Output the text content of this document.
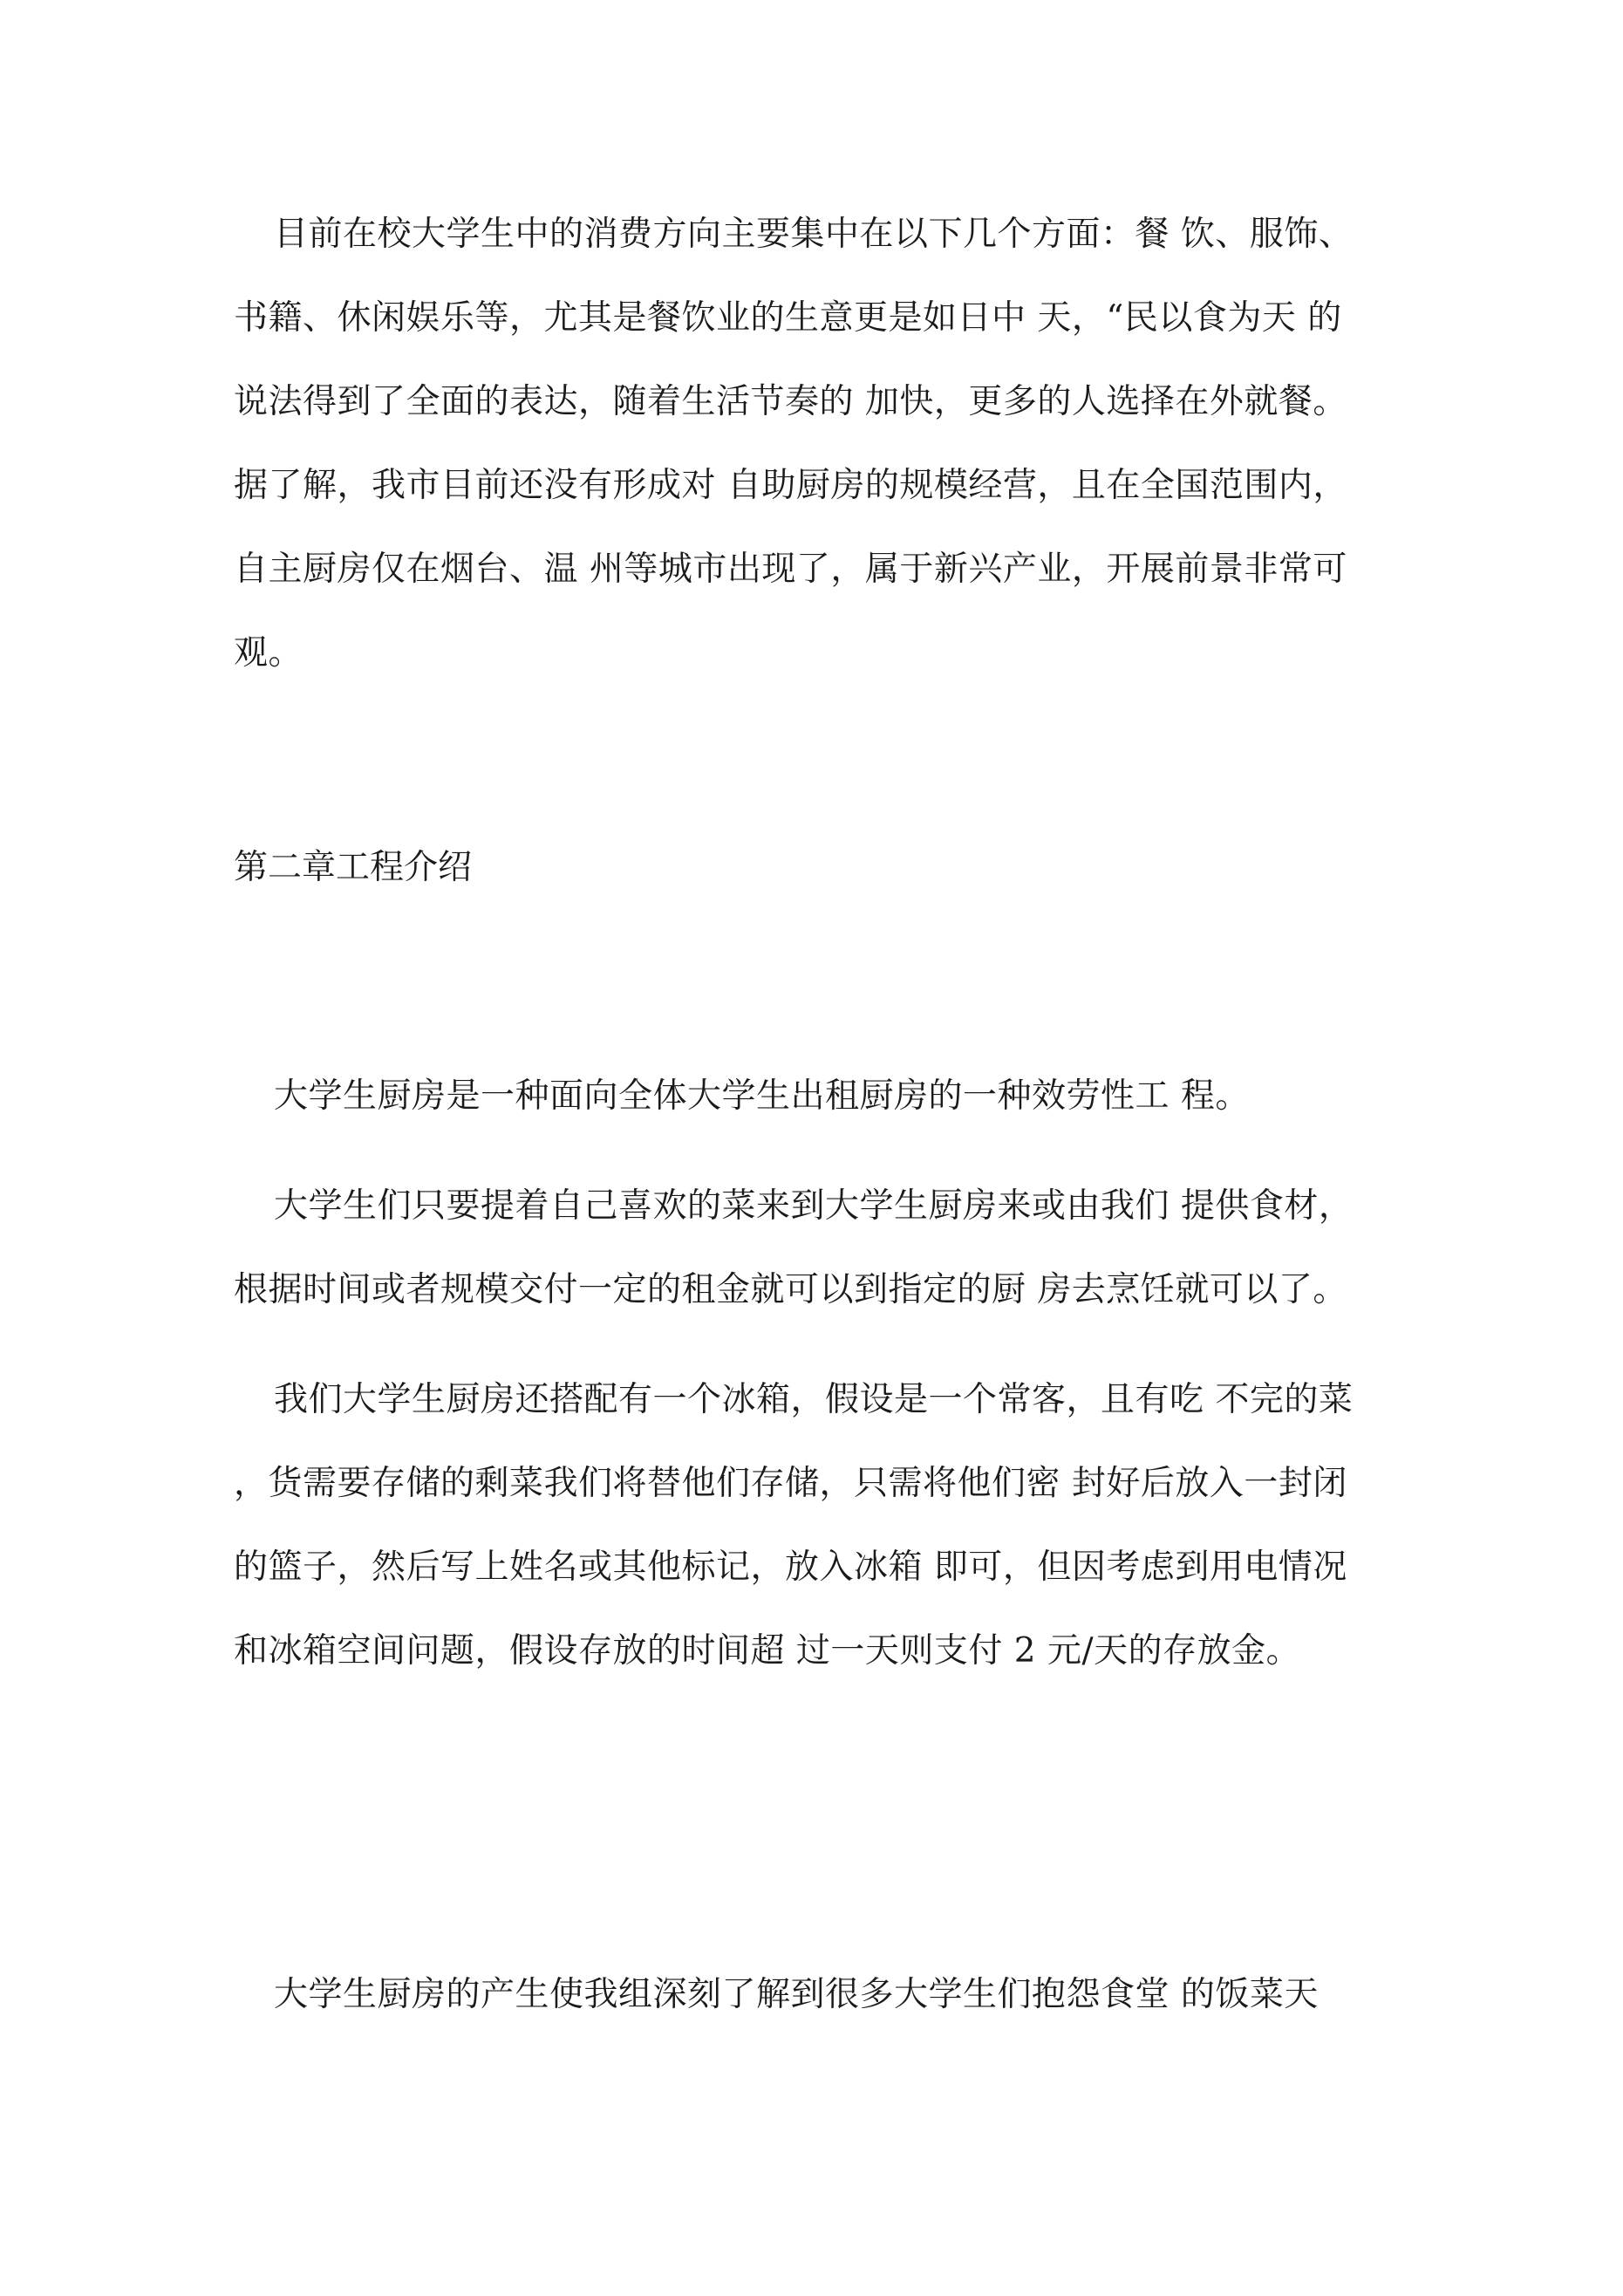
目前在校大学生中的消费方向主要集中在以下几个方面：餐 饮、服饰、
书籍、休闲娱乐等，尤其是餐饮业的生意更是如日中 天，“民以食为天 的
说法得到了全面的表达，随着生活节奏的 加快，更多的人选择在外就餐。
据了解，我市目前还没有形成对 自助厨房的规模经营，且在全国范围内，
自主厨房仅在烟台、温 州等城市出现了，属于新兴产业，开展前景非常可
观。
第二章工程介绍
大学生厨房是一种面向全体大学生出租厨房的一种效劳性工 程。
大学生们只要提着自己喜欢的菜来到大学生厨房来或由我们 提供食材，
根据时间或者规模交付一定的租金就可以到指定的厨 房去烹饪就可以了。
我们大学生厨房还搭配有一个冰箱，假设是一个常客，且有吃 不完的菜
，货需要存储的剩菜我们将替他们存储，只需将他们密 封好后放入一封闭
的篮子，然后写上姓名或其他标记，放入冰箱 即可，但因考虑到用电情况
和冰箱空间问题，假设存放的时间超 过一天则支付 2 元/天的存放金。
大学生厨房的产生使我组深刻了解到很多大学生们抱怨食堂 的饭菜天
